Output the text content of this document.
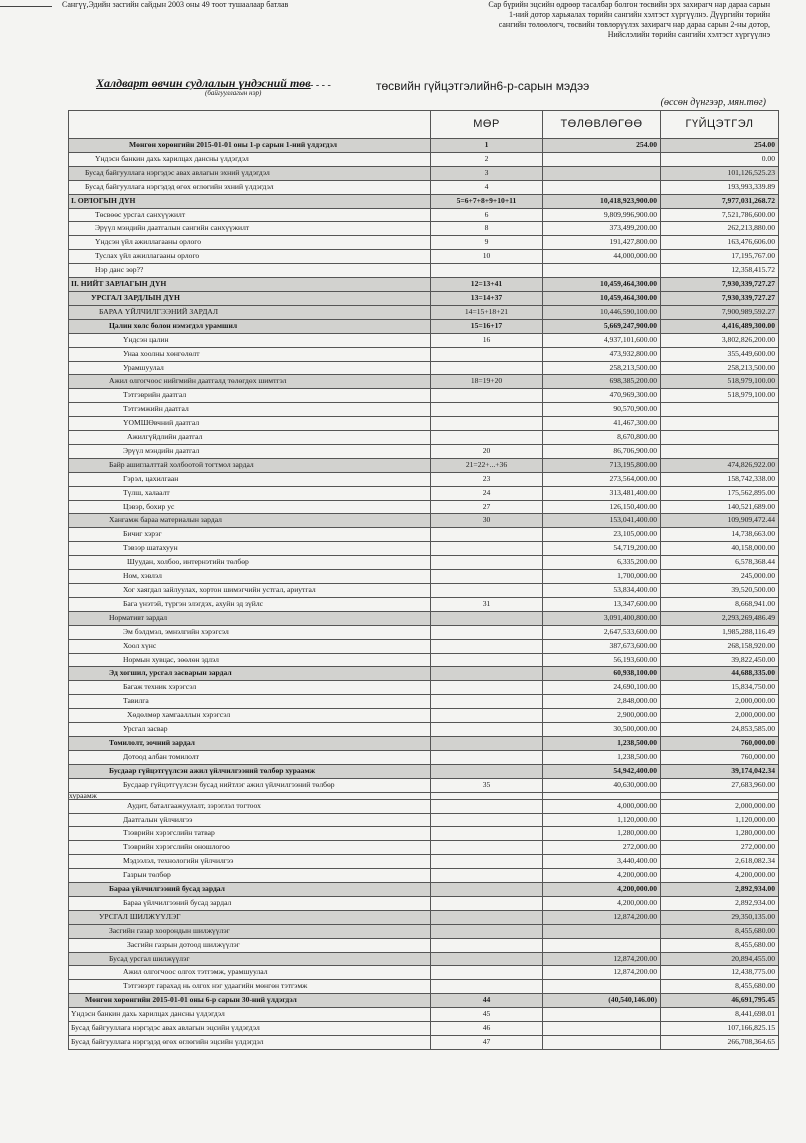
Сангүү,Эдийн засгийн сайдын 2003 оны 49 тоот тушаалаар батлав	Сар бүрийн эцсийн өдрөөр тасалбар болгон төсвийн эрх захирагч нар дараа сарын
1-ний дотор харьяалах төрийн сангийн хэлтэст хүргүүлнэ. Дүүргийн төрийн
сангийн төлөөлөгч, төсвийн төвлөрүүлэх захирагч нар дараа сарын 2-ны дотор,
Нийслэлийн төрийн сангийн хэлтэст хүргүүлнэ
Халдварт өвчин судлалын үндэсний төв
(байгууллагын нэр)
- - - -	төсвийн гүйцэтгэлийн6-р-сарын мэдээ
(өссөн дүнгээр, мян.төг)
	МӨР	ТӨЛӨВЛӨГӨӨ	ГҮЙЦЭТГЭЛ
Мөнгөн хөрөнгийн 2015-01-01 оны 1-р сарын 1-ний үлдэгдэл	1	254.00	254.00
Үндэсн банкин дахь харилцах дансны үлдэгдэл	2		0.00
Бусад байгууллага нэргэдэс авах авлагын эхний үлдэгдэл	3		101,126,525.23
Бусад байгууллага нэргэдэд өгөх өглөгийн эхний үлдэгдэл	4		193,993,339.89
I. ОРЛОГЫН ДҮН	5=6+7+8+9+10+11	10,418,923,900.00	7,977,031,268.72
Төсвөөс урсгал санхүүжилт	6	9,809,996,900.00	7,521,786,600.00
Эрүүл мэндийн даатгалын сангийн санхүүжилт	8	373,499,200.00	262,213,880.00
Үндсэн үйл ажиллагааны орлого	9	191,427,800.00	163,476,606.00
Туслах үйл ажиллагааны орлого	10	44,000,000.00	17,195,767.00
Нэр данс зөр??			12,358,415.72
II. НИЙТ ЗАРЛАГЫН ДҮН	12=13+41	10,459,464,300.00	7,930,339,727.27
УРСГАЛ ЗАРДЛЫН ДҮН	13=14+37	10,459,464,300.00	7,930,339,727.27
БАРАА ҮЙЛЧИЛГЭЭНИЙ ЗАРДАЛ	14=15+18+21	10,446,590,100.00	7,900,989,592.27
Цалин хөлс болон нэмэгдэл урамшил	15=16+17	5,669,247,900.00	4,416,489,300.00
Үндсэн цалин	16	4,937,101,600.00	3,802,826,200.00
Унаа хоолны хөнгөлөлт		473,932,800.00	355,449,600.00
Урамшуулал		258,213,500.00	258,213,500.00
Ажил олгогчоос нийгмийн даатгалд төлөгдөх шимтгэл	18=19+20	698,385,200.00	518,979,100.00
Тэтгэврийн даатгал		470,969,300.00	518,979,100.00
Тэтгэмжийн даатгал		90,570,900.00	
ҮОМШӨвчний даатгал		41,467,300.00	
Ажилгүйдлийн даатгал		8,670,800.00	
Эрүүл мэндийн даатгал	20	86,706,900.00	
Байр ашиглалттай холбоотой тогтмол зардал	21=22+...+36	713,195,800.00	474,826,922.00
Гэрэл, цахилгаан	23	273,564,000.00	158,742,338.00
Түлш, халаалт	24	313,481,400.00	175,562,895.00
Цэвэр, бохир ус	27	126,150,400.00	140,521,689.00
Хангамж бараа материалын зардал	30	153,041,400.00	109,909,472.44
Бичиг хэрэг		23,105,000.00	14,738,663.00
Тэвээр шатахуун		54,719,200.00	40,158,000.00
Шуудан, холбоо, интернэтийн төлбөр		6,335,200.00	6,578,368.44
Ном, хэвлэл		1,700,000.00	245,000.00
Хог хаягдал зайлуулах, хортон шимэгчийн устгал, ариутгал		53,834,400.00	39,520,500.00
Бага үнэтэй, түргэн элэгдэх, ахуйн эд зүйлс	31	13,347,600.00	8,668,941.00
Нормативт зардал		3,091,400,800.00	2,293,269,486.49
Эм бэлдмэл, эмнэлгийн хэрэгсэл		2,647,533,600.00	1,985,288,116.49
Хоол хүнс		387,673,600.00	268,158,920.00
Нормын хувцас, зөөлөн эдлэл		56,193,600.00	39,822,450.00
Эд хогшил, урсгал засварын зардал		60,938,100.00	44,688,335.00
Багаж техник хэрэгсэл		24,690,100.00	15,834,750.00
Тавилга		2,848,000.00	2,000,000.00
Хөдөлмөр хамгааллын хэрэгсэл		2,900,000.00	2,000,000.00
Урсгал засвар		30,500,000.00	24,853,585.00
Томилолт, зочний зардал		1,238,500.00	760,000.00
Дотоод албан томилолт		1,238,500.00	760,000.00
Бусдаар гүйцэтгүүлсэн ажил үйлчилгээний төлбөр хураамж		54,942,400.00	39,174,042.34
Бусдаар гүйцэтгүүлсэн бусад нийтлэг ажил үйлчилгээний төлбөр	35	40,630,000.00	27,683,960.00
хураамж			
Аудит, баталгаажуулалт, зэрэглэл тогтоох		4,000,000.00	2,000,000.00
Даатгалын үйлчилгээ		1,120,000.00	1,120,000.00
Тээврийн хэрэгслийн татвар		1,280,000.00	1,280,000.00
Тээврийн хэрэгслийн оношлогоо		272,000.00	272,000.00
Мэдээлэл, технологийн үйлчилгээ		3,440,400.00	2,618,082.34
Газрын төлбөр		4,200,000.00	4,200,000.00
Бараа үйлчилгээний бусад зардал		4,200,000.00	2,892,934.00
Бараа үйлчилгээний бусад зардал		4,200,000.00	2,892,934.00
УРСГАЛ ШИЛЖҮҮЛЭГ		12,874,200.00	29,350,135.00
Засгийн газар хоорондын шилжүүлэг			8,455,680.00
Засгийн газрын дотоод шилжүүлэг			8,455,680.00
Бусад урсгал шилжүүлэг		12,874,200.00	20,894,455.00
Ажил олгогчоос олгох тэтгэмж, урамшуулал		12,874,200.00	12,438,775.00
Тэтгэвэрт гарахад нь олгох нэг удаагийн мөнгөн тэтгэмж			8,455,680.00
Мөнгөн хөрөнгийн 2015-01-01 оны 6-р сарын 30-ний үлдэгдэл	44	(40,540,146.00)	46,691,795.45
Үндэсн банкин дахь харилцах дансны үлдэгдэл	45		8,441,698.01
Бусад байгууллага нэргэдэс авах авлагын эцсийн үлдэгдэл	46		107,166,825.15
Бусад байгууллага нэргэдэд өгөх өглөгийн эцсийн үлдэгдэл	47		266,708,364.65
